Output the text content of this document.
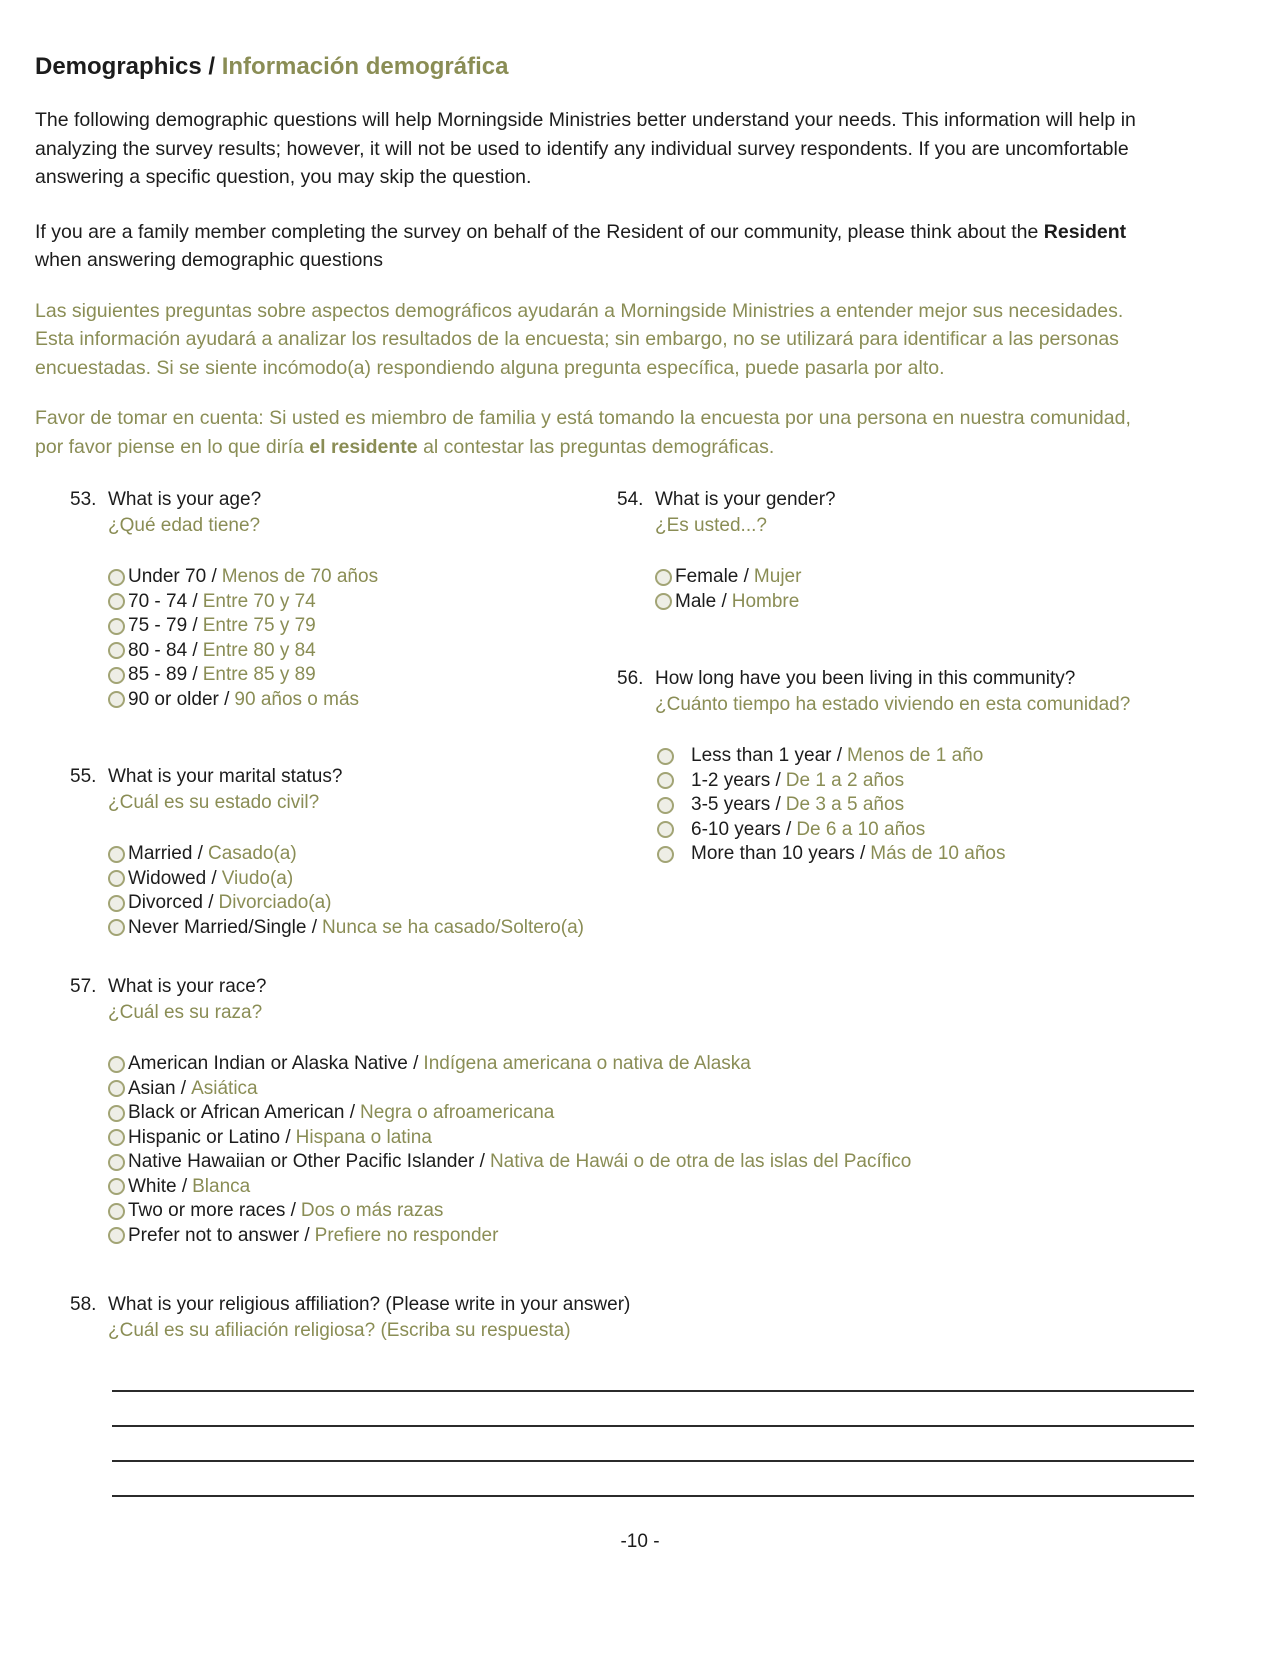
Demographics / Información demográfica

The following demographic questions will help Morningside Ministries better understand your needs. This information will help in analyzing the survey results; however, it will not be used to identify any individual survey respondents. If you are uncomfortable answering a specific question, you may skip the question.

If you are a family member completing the survey on behalf of the Resident of our community, please think about the Resident when answering demographic questions

Las siguientes preguntas sobre aspectos demográficos ayudarán a Morningside Ministries a entender mejor sus necesidades. Esta información ayudará a analizar los resultados de la encuesta; sin embargo, no se utilizará para identificar a las personas encuestadas. Si se siente incómodo(a) respondiendo alguna pregunta específica, puede pasarla por alto.

Favor de tomar en cuenta: Si usted es miembro de familia y está tomando la encuesta por una persona en nuestra comunidad, por favor piense en lo que diría el residente al contestar las preguntas demográficas.

53. What is your age?
¿Qué edad tiene?
Under 70 / Menos de 70 años
70 - 74 / Entre 70 y 74
75 - 79 / Entre 75 y 79
80 - 84 / Entre 80 y 84
85 - 89 / Entre 85 y 89
90 or older / 90 años o más
55. What is your marital status?
¿Cuál es su estado civil?
Married / Casado(a)
Widowed / Viudo(a)
Divorced / Divorciado(a)
Never Married/Single / Nunca se ha casado/Soltero(a)
54. What is your gender?
¿Es usted...?
Female / Mujer
Male / Hombre
56. How long have you been living in this community?
¿Cuánto tiempo ha estado viviendo en esta comunidad?
Less than 1 year / Menos de 1 año
1-2 years / De 1 a 2 años
3-5 years / De 3 a 5 años
6-10 years / De 6 a 10 años
More than 10 years / Más de 10 años
57. What is your race?
¿Cuál es su raza?
American Indian or Alaska Native / Indígena americana o nativa de Alaska
Asian / Asiática
Black or African American / Negra o afroamericana
Hispanic or Latino / Hispana o latina
Native Hawaiian or Other Pacific Islander / Nativa de Hawái o de otra de las islas del Pacífico
White / Blanca
Two or more races / Dos o más razas
Prefer not to answer / Prefiere no responder
58. What is your religious affiliation? (Please write in your answer)
¿Cuál es su afiliación religiosa? (Escriba su respuesta)
-10 -
